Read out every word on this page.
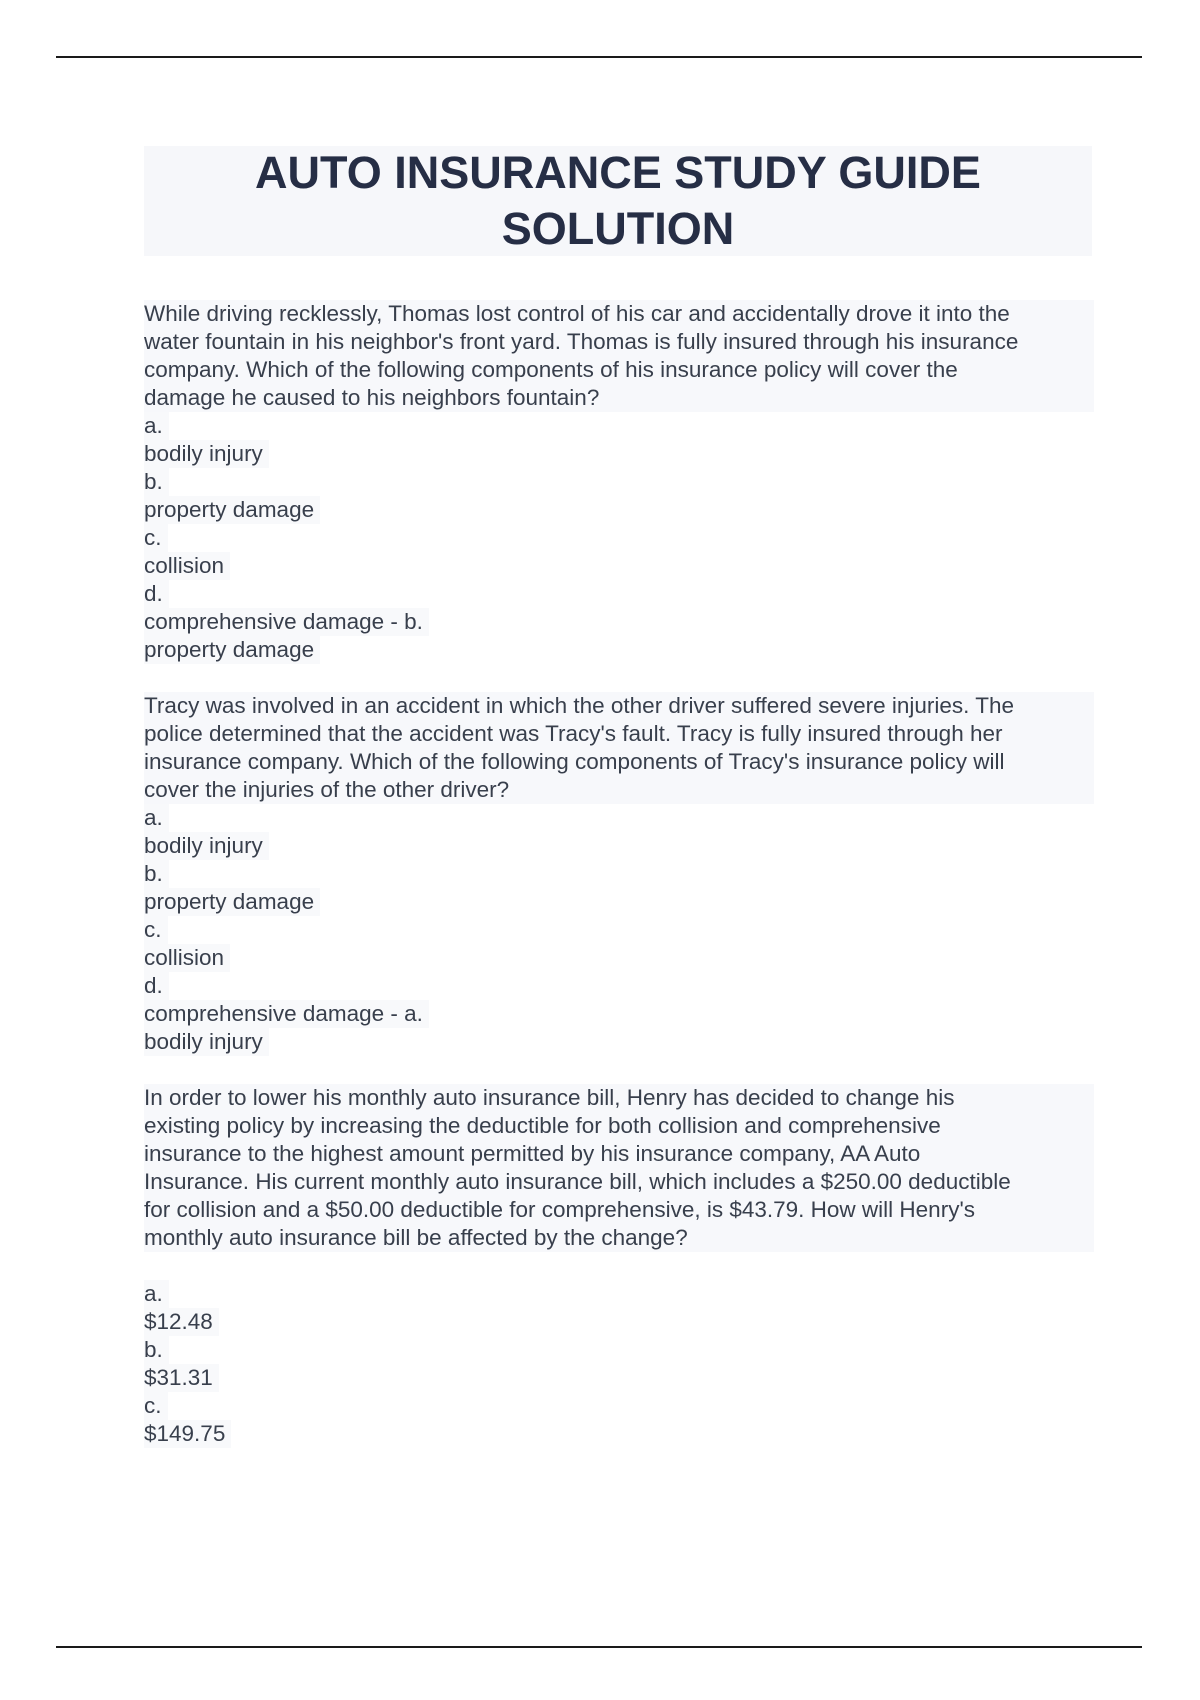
AUTO INSURANCE STUDY GUIDE
SOLUTION
While driving recklessly, Thomas lost control of his car and accidentally drove it into the
water fountain in his neighbor's front yard. Thomas is fully insured through his insurance
company. Which of the following components of his insurance policy will cover the
damage he caused to his neighbors fountain?
a.
bodily injury
b.
property damage
c.
collision
d.
comprehensive damage - b.
property damage
Tracy was involved in an accident in which the other driver suffered severe injuries. The
police determined that the accident was Tracy's fault. Tracy is fully insured through her
insurance company. Which of the following components of Tracy's insurance policy will
cover the injuries of the other driver?
a.
bodily injury
b.
property damage
c.
collision
d.
comprehensive damage - a.
bodily injury
In order to lower his monthly auto insurance bill, Henry has decided to change his
existing policy by increasing the deductible for both collision and comprehensive
insurance to the highest amount permitted by his insurance company, AA Auto
Insurance. His current monthly auto insurance bill, which includes a $250.00 deductible
for collision and a $50.00 deductible for comprehensive, is $43.79. How will Henry's
monthly auto insurance bill be affected by the change?
a.
$12.48
b.
$31.31
c.
$149.75
